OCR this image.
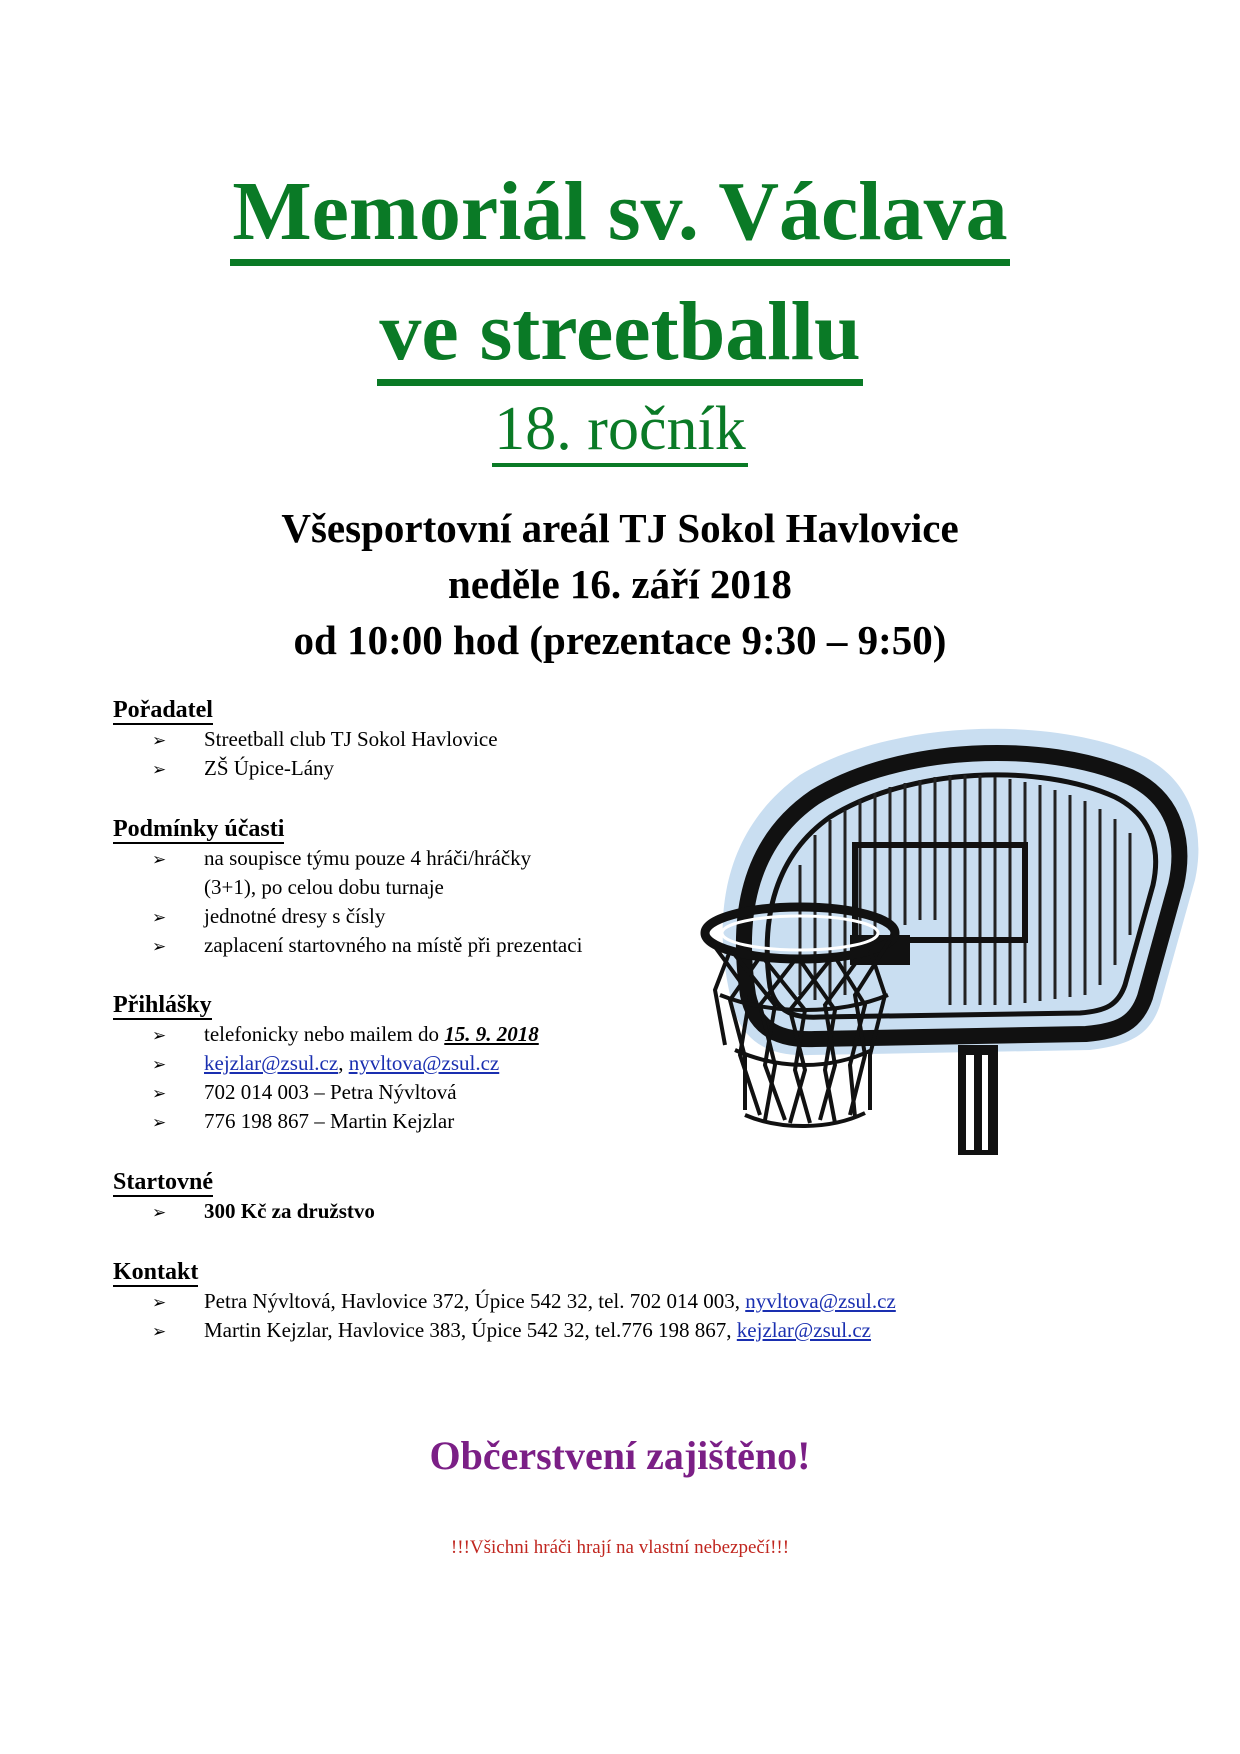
Memoriál sv. Václava
ve streetballu
18. ročník
Všesportovní areál TJ Sokol Havlovice
neděle 16. září 2018
od 10:00 hod (prezentace 9:30 – 9:50)
Pořadatel
➢ Streetball club TJ Sokol Havlovice
➢ ZŠ Úpice-Lány
Podmínky účasti
➢ na soupisce týmu pouze 4 hráči/hráčky
(3+1), po celou dobu turnaje
➢ jednotné dresy s čísly
➢ zaplacení startovného na místě při prezentaci
Přihlášky
➢ telefonicky nebo mailem do 15. 9. 2018
➢ kejzlar@zsul.cz, nyvltova@zsul.cz
➢ 702 014 003 – Petra Nývltová
➢ 776 198 867 – Martin Kejzlar
Startovné
➢ 300 Kč za družstvo
Kontakt
➢ Petra Nývltová, Havlovice 372, Úpice 542 32, tel. 702 014 003, nyvltova@zsul.cz
➢ Martin Kejzlar, Havlovice 383, Úpice 542 32, tel.776 198 867, kejzlar@zsul.cz
Občerstvení zajištěno!
!!!Všichni hráči hrají na vlastní nebezpečí!!!
